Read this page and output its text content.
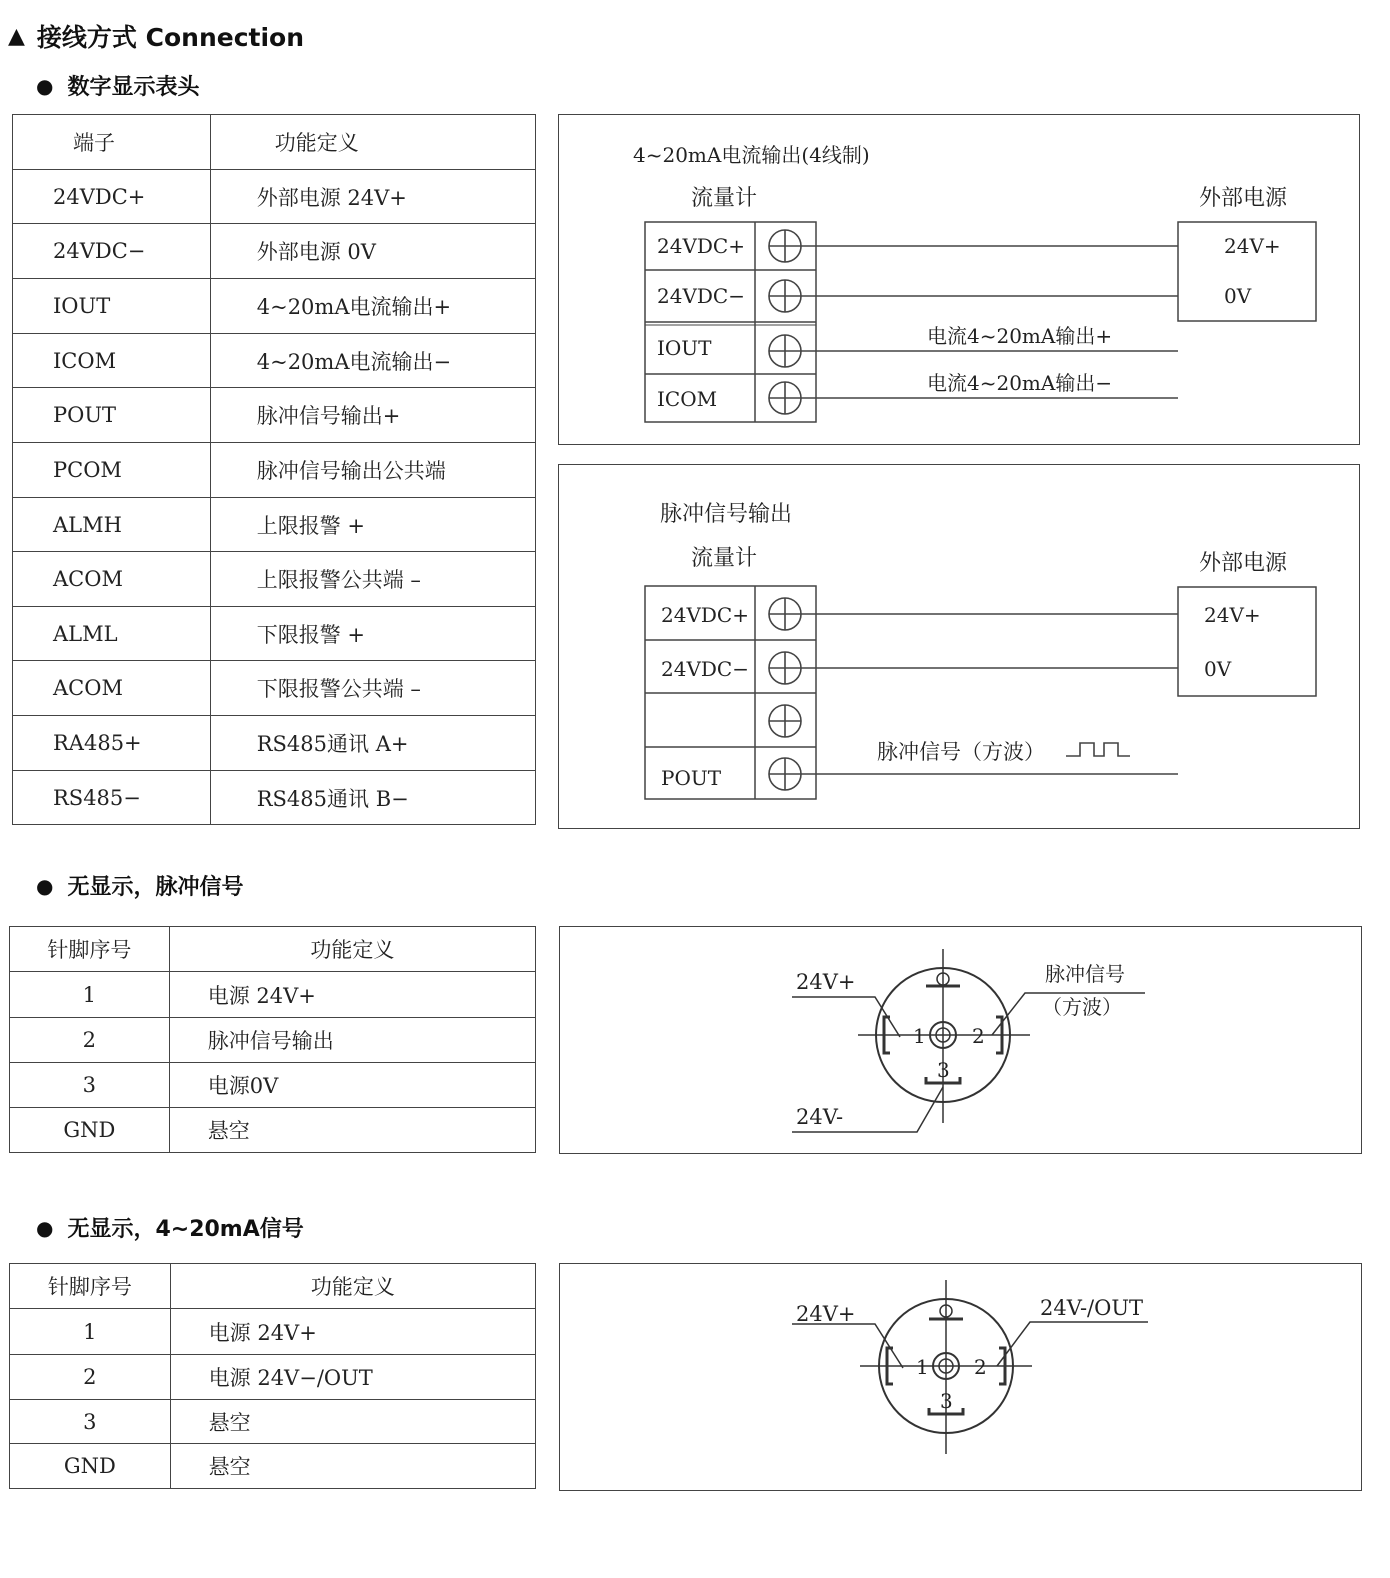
▲ 接线方式 Connection
● 数字显示表头
端子	功能定义
24VDC+	外部电源 24V+
24VDC−	外部电源 0V
IOUT	4~20mA电流输出+
ICOM	4~20mA电流输出−
POUT	脉冲信号输出+
PCOM	脉冲信号输出公共端
ALMH	上限报警 +
ACOM	上限报警公共端 –
ALML	下限报警 +
ACOM	下限报警公共端 –
RA485+	RS485通讯 A+
RS485−	RS485通讯 B−
4~20mA电流输出(4线制)
流量计	外部电源
24VDC+
24VDC−
IOUT
ICOM
24V+
0V
电流4~20mA输出+
电流4~20mA输出−
脉冲信号输出
流量计	外部电源
24VDC+
24VDC−
POUT
24V+
0V
脉冲信号（方波）
● 无显示，脉冲信号
针脚序号	功能定义
1	电源 24V+
2	脉冲信号输出
3	电源0V
GND	悬空
1 2
3
24V+
24V-
脉冲信号
（方波）
● 无显示，4~20mA信号
针脚序号	功能定义
1	电源 24V+
2	电源 24V−/OUT
3	悬空
GND	悬空
1 2
3
24V+	24V-/OUT
